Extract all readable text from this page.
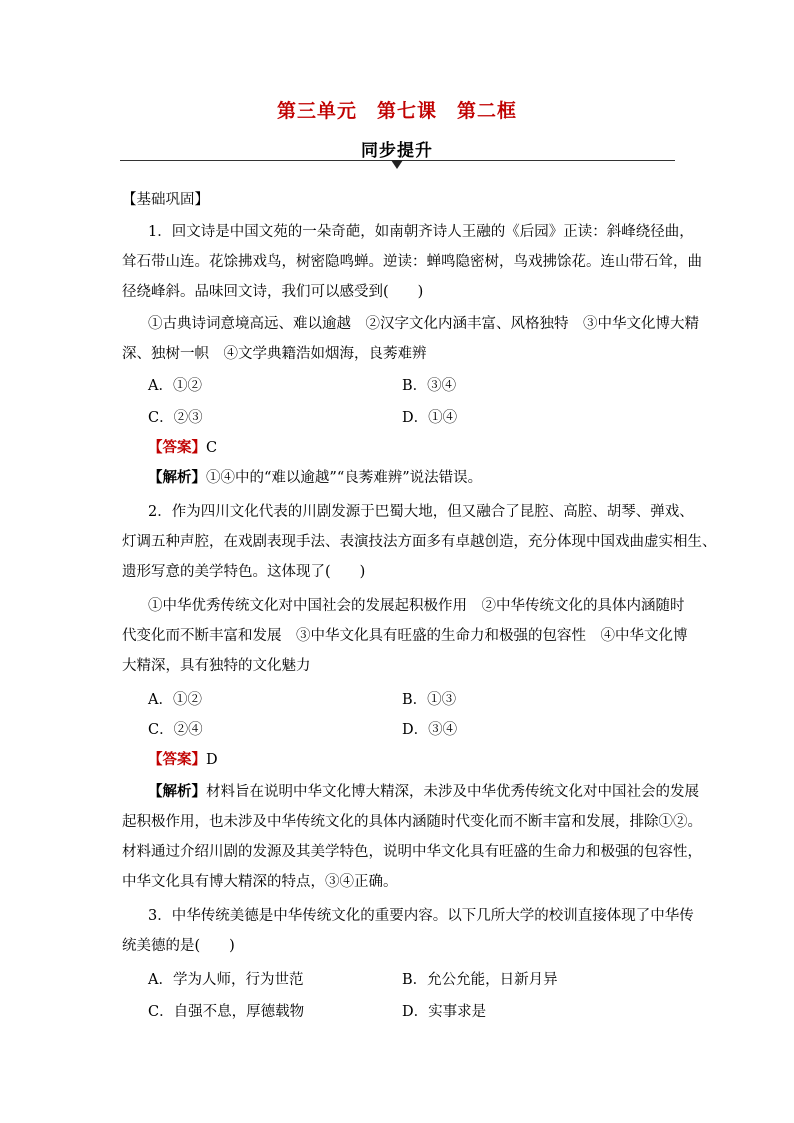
第三单元　第七课　第二框
同步提升
【基础巩固】
1．回文诗是中国文苑的一朵奇葩，如南朝齐诗人王融的《后园》正读：斜峰绕径曲，
耸石带山连。花馀拂戏鸟，树密隐鸣蝉。逆读：蝉鸣隐密树，鸟戏拂馀花。连山带石耸，曲
径绕峰斜。品味回文诗，我们可以感受到(　　)
①古典诗词意境高远、难以逾越　②汉字文化内涵丰富、风格独特　③中华文化博大精
深、独树一帜　④文学典籍浩如烟海，良莠难辨
A．①②	B．③④
C．②③	D．①④
【答案】C
【解析】①④中的“难以逾越”“良莠难辨”说法错误。
2．作为四川文化代表的川剧发源于巴蜀大地，但又融合了昆腔、高腔、胡琴、弹戏、
灯调五种声腔，在戏剧表现手法、表演技法方面多有卓越创造，充分体现中国戏曲虚实相生、
遗形写意的美学特色。这体现了(　　)
①中华优秀传统文化对中国社会的发展起积极作用　②中华传统文化的具体内涵随时
代变化而不断丰富和发展　③中华文化具有旺盛的生命力和极强的包容性　④中华文化博
大精深，具有独特的文化魅力
A．①②	B．①③
C．②④	D．③④
【答案】D
【解析】材料旨在说明中华文化博大精深，未涉及中华优秀传统文化对中国社会的发展
起积极作用，也未涉及中华传统文化的具体内涵随时代变化而不断丰富和发展，排除①②。
材料通过介绍川剧的发源及其美学特色，说明中华文化具有旺盛的生命力和极强的包容性，
中华文化具有博大精深的特点，③④正确。
3．中华传统美德是中华传统文化的重要内容。以下几所大学的校训直接体现了中华传
统美德的是(　　)
A．学为人师，行为世范	B．允公允能，日新月异
C．自强不息，厚德载物	D．实事求是
